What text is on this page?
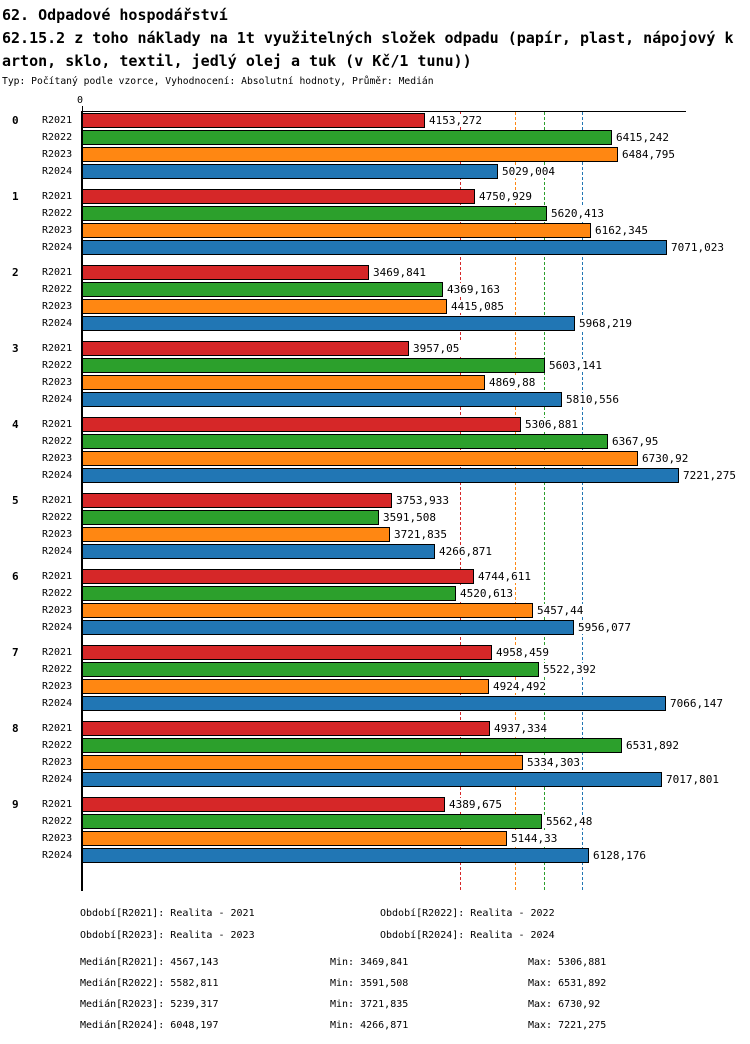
62. Odpadové hospodářství
62.15.2 z toho náklady na 1t využitelných složek odpadu (papír, plast, nápojový k
arton, sklo, textil, jedlý olej a tuk (v Kč/1 tunu))
Typ: Počítaný podle vzorce, Vyhodnocení: Absolutní hodnoty, Průměr: Medián
0
0 R2021	4153,272
R2022	6415,242
R2023	6484,795
R2024	5029,004
1 R2021	4750,929
R2022	5620,413
R2023	6162,345
R2024	7071,023
2 R2021	3469,841
R2022	4369,163
R2023	4415,085
R2024	5968,219
3 R2021	3957,05
R2022	5603,141
R2023	4869,88
R2024	5810,556
4 R2021	5306,881
R2022	6367,95
R2023	6730,92
R2024	7221,275
5 R2021	3753,933
R2022	3591,508
R2023	3721,835
R2024	4266,871
6 R2021	4744,611
R2022	4520,613
R2023	5457,44
R2024	5956,077
7 R2021	4958,459
R2022	5522,392
R2023	4924,492
R2024	7066,147
8 R2021	4937,334
R2022	6531,892
R2023	5334,303
R2024	7017,801
9 R2021	4389,675
R2022	5562,48
R2023	5144,33
R2024	6128,176
Období[R2021]: Realita - 2021	Období[R2022]: Realita - 2022
Období[R2023]: Realita - 2023	Období[R2024]: Realita - 2024
Medián[R2021]: 4567,143	Min: 3469,841	Max: 5306,881
Medián[R2022]: 5582,811	Min: 3591,508	Max: 6531,892
Medián[R2023]: 5239,317	Min: 3721,835	Max: 6730,92
Medián[R2024]: 6048,197	Min: 4266,871	Max: 7221,275
